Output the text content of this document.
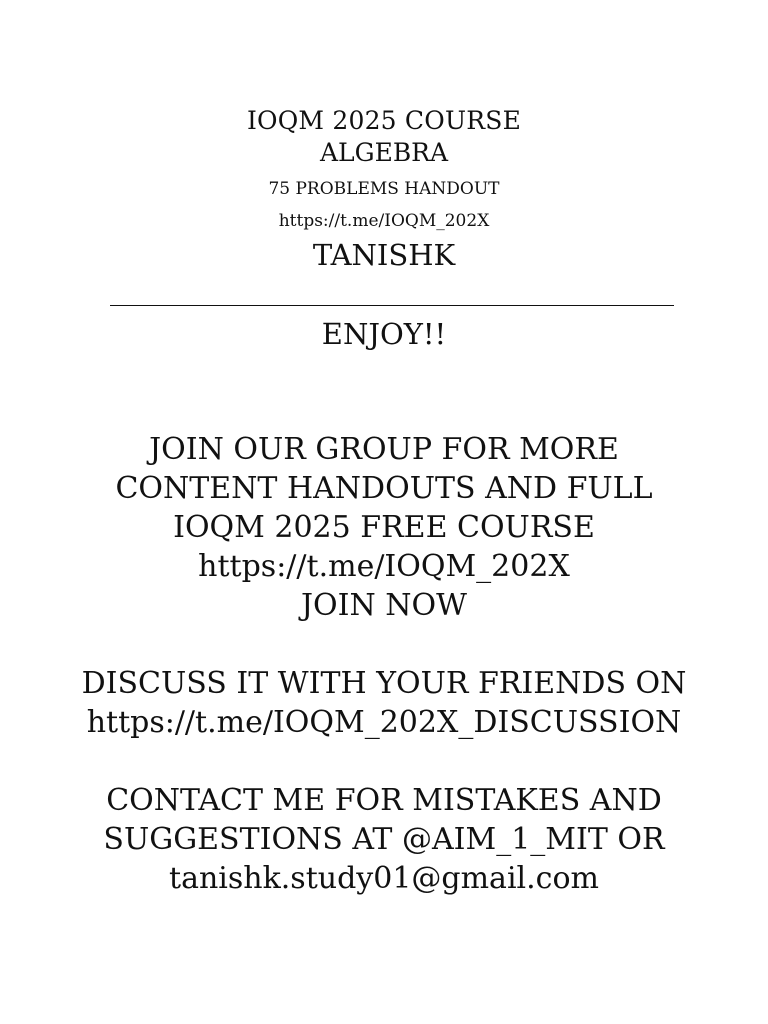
IOQM 2025 COURSE
ALGEBRA
75 PROBLEMS HANDOUT
https://t.me/IOQM_202X
TANISHK
ENJOY!!
JOIN OUR GROUP FOR MORE
CONTENT HANDOUTS AND FULL
IOQM 2025 FREE COURSE
https://t.me/IOQM_202X
JOIN NOW
DISCUSS IT WITH YOUR FRIENDS ON
https://t.me/IOQM_202X_DISCUSSION
CONTACT ME FOR MISTAKES AND
SUGGESTIONS AT @AIM_1_MIT OR
tanishk.study01@gmail.com
